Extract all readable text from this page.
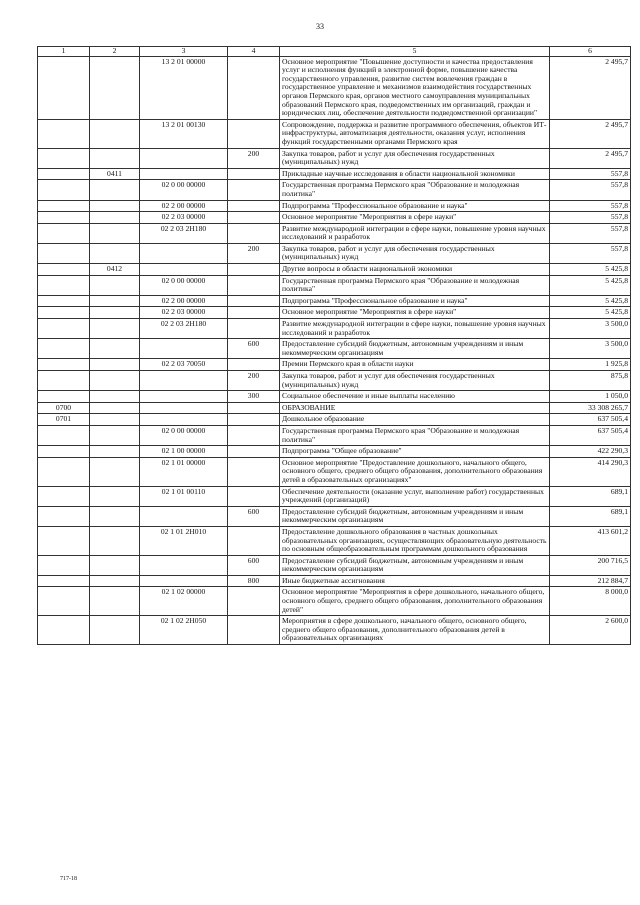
33
1	2	3	4	5	6
		13 2 01 00000		Основное мероприятие "Повышение доступности и качества предоставления услуг и исполнения функций в электронной форме, повышение качества государственного управления, развитие систем вовлечения граждан в государственное управление и механизмов взаимодействия государственных органов Пермского края, органов местного самоуправления муниципальных образований Пермского края, подведомственных им организаций, граждан и юридических лиц, обеспечение деятельности подведомственной организации"	2 495,7
		13 2 01 00130		Сопровождение, поддержка и развитие программного обеспечения, объектов ИТ-инфраструктуры, автоматизация деятельности, оказания услуг, исполнения функций государственными органами Пермского края	2 495,7
			200	Закупка товаров, работ и услуг для обеспечения государственных (муниципальных) нужд	2 495,7
	0411			Прикладные научные исследования в области национальной экономики	557,8
		02 0 00 00000		Государственная программа Пермского края "Образование и молодежная политика"	557,8
		02 2 00 00000		Подпрограмма "Профессиональное образование и наука"	557,8
		02 2 03 00000		Основное мероприятие "Мероприятия в сфере науки"	557,8
		02 2 03 2Н180		Развитие международной интеграции в сфере науки, повышение уровня научных исследований и разработок	557,8
			200	Закупка товаров, работ и услуг для обеспечения государственных (муниципальных) нужд	557,8
	0412			Другие вопросы в области национальной экономики	5 425,8
		02 0 00 00000		Государственная программа Пермского края "Образование и молодежная политика"	5 425,8
		02 2 00 00000		Подпрограмма "Профессиональное образование и наука"	5 425,8
		02 2 03 00000		Основное мероприятие "Мероприятия в сфере науки"	5 425,8
		02 2 03 2Н180		Развитие международной интеграции в сфере науки, повышение уровня научных исследований и разработок	3 500,0
			600	Предоставление субсидий бюджетным, автономным учреждениям и иным некоммерческим организациям	3 500,0
		02 2 03 70050		Премии Пермского края в области науки	1 925,8
			200	Закупка товаров, работ и услуг для обеспечения государственных (муниципальных) нужд	875,8
			300	Социальное обеспечение и иные выплаты населению	1 050,0
0700				ОБРАЗОВАНИЕ	33 308 265,7
0701				Дошкольное образование	637 505,4
		02 0 00 00000		Государственная программа Пермского края "Образование и молодежная политика"	637 505,4
		02 1 00 00000		Подпрограмма "Общее образование"	422 290,3
		02 1 01 00000		Основное мероприятие "Предоставление дошкольного, начального общего, основного общего, среднего общего образования, дополнительного образования детей в образовательных организациях"	414 290,3
		02 1 01 00110		Обеспечение деятельности (оказание услуг, выполнение работ) государственных учреждений (организаций)	689,1
			600	Предоставление субсидий бюджетным, автономным учреждениям и иным некоммерческим организациям	689,1
		02 1 01 2Н010		Предоставление дошкольного образования в частных дошкольных образовательных организациях, осуществляющих образовательную деятельность по основным общеобразовательным программам дошкольного образования	413 601,2
			600	Предоставление субсидий бюджетным, автономным учреждениям и иным некоммерческим организациям	200 716,5
			800	Иные бюджетные ассигнования	212 884,7
		02 1 02 00000		Основное мероприятие "Мероприятия в сфере дошкольного, начального общего, основного общего, среднего общего образования, дополнительного образования детей"	8 000,0
		02 1 02 2Н050		Мероприятия в сфере дошкольного, начального общего, основного общего, среднего общего образования, дополнительного образования детей в образовательных организациях	2 600,0
717-18
